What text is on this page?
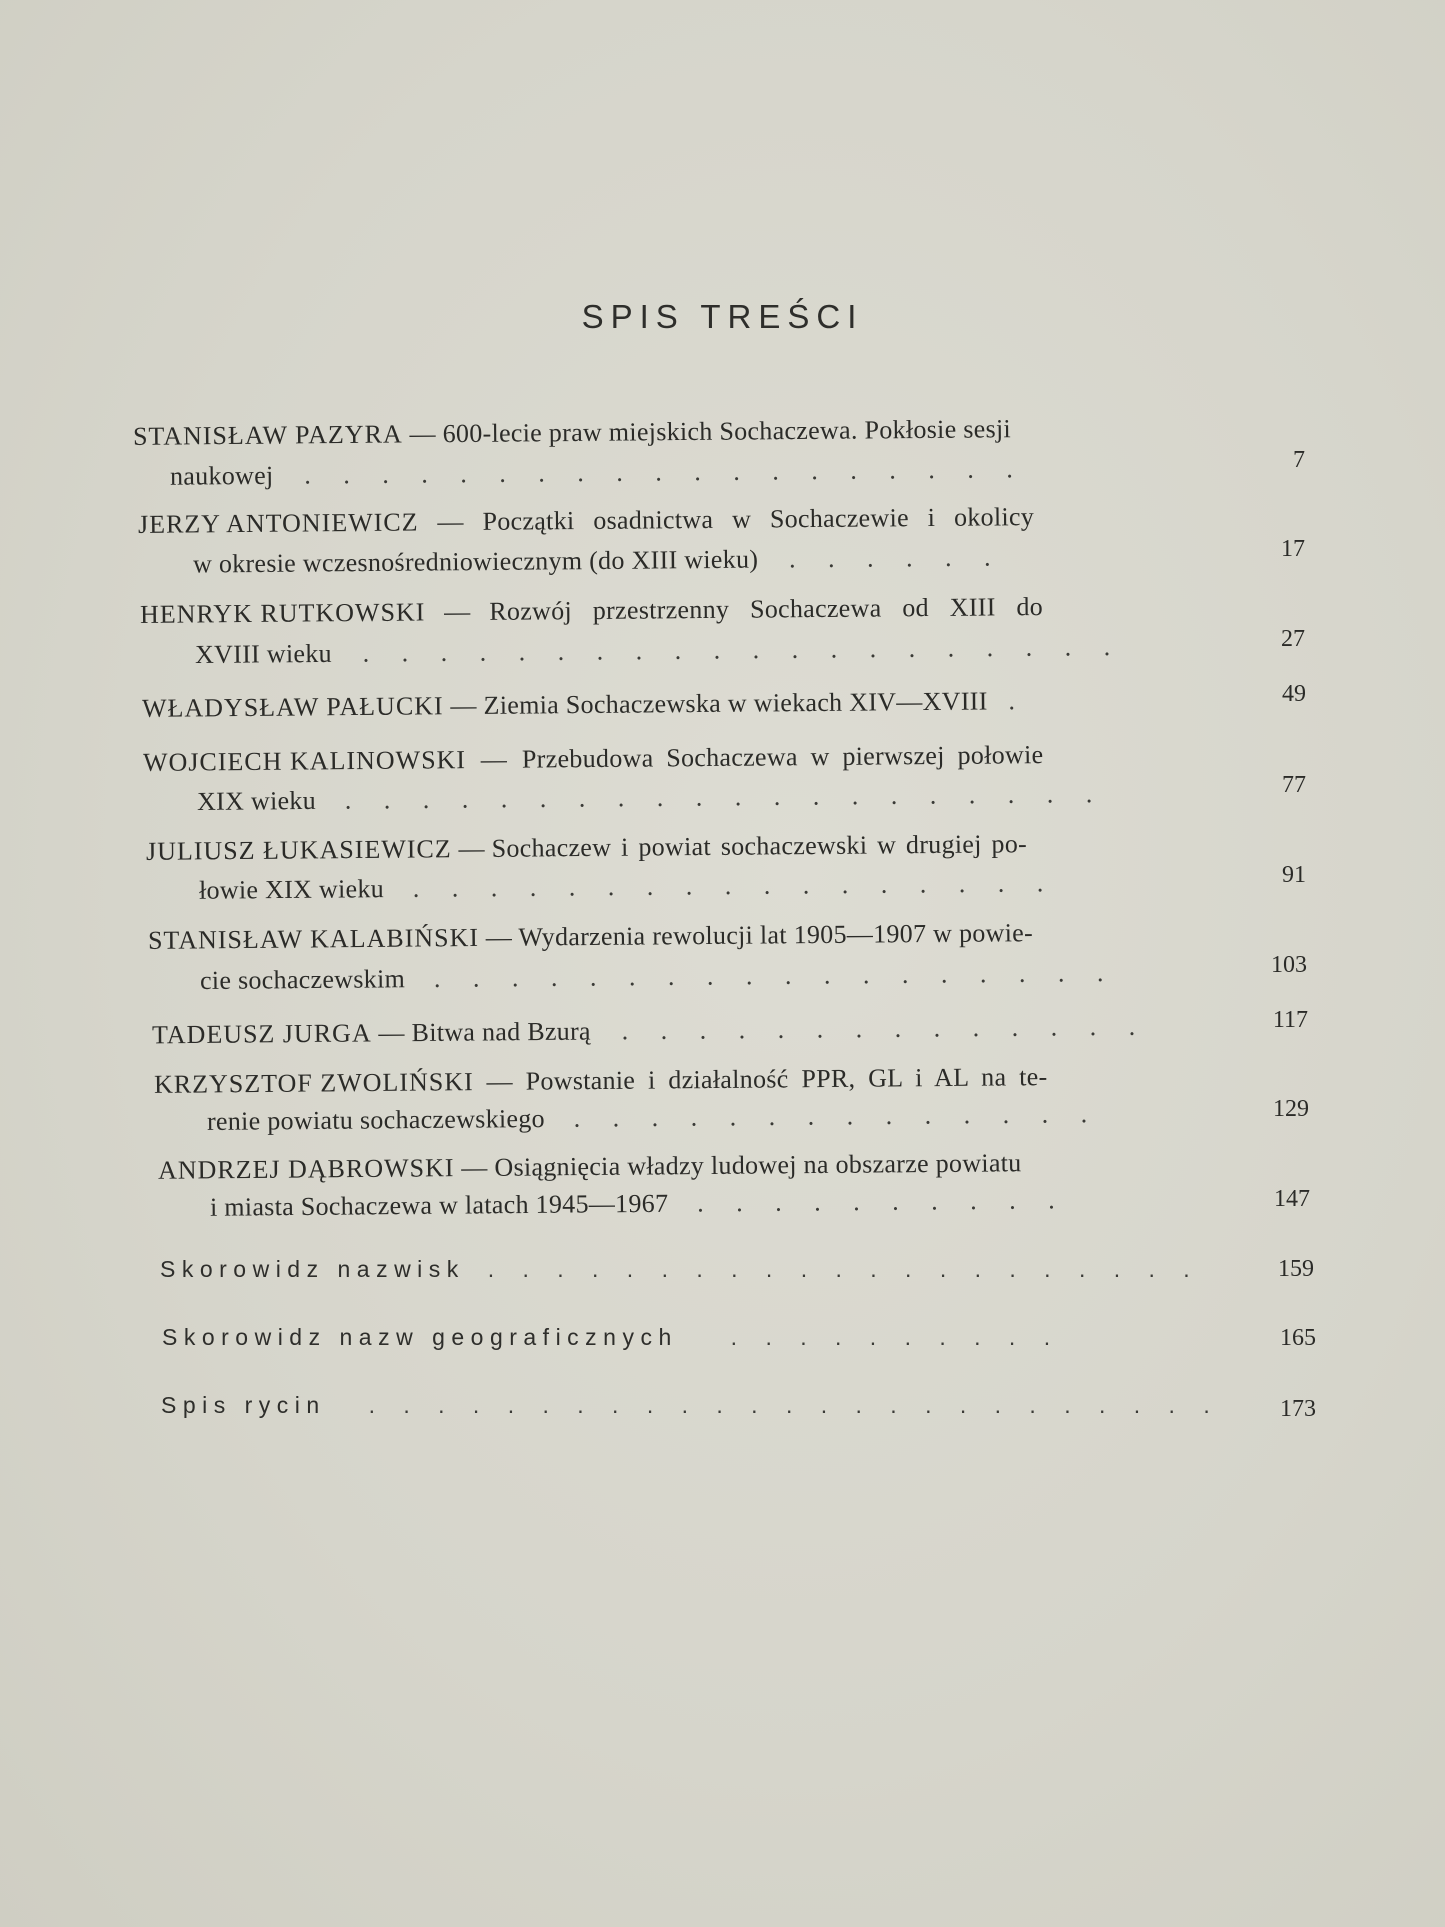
SPIS TREŚCI
STANISŁAW PAZYRA — 600-lecie praw miejskich Sochaczewa. Pokłosie sesji
naukowej . . . . . . . . . . . . . . . . . . .	7
JERZY ANTONIEWICZ — Początki osadnictwa w Sochaczewie i okolicy
w okresie wczesnośredniowiecznym (do XIII wieku) . . . . . .	17
HENRYK RUTKOWSKI — Rozwój przestrzenny Sochaczewa od XIII do
XVIII wieku . . . . . . . . . . . . . . . . . . . .	27
WŁADYSŁAW PAŁUCKI — Ziemia Sochaczewska w wiekach XIV—XVIII .	49
WOJCIECH KALINOWSKI — Przebudowa Sochaczewa w pierwszej połowie
XIX wieku . . . . . . . . . . . . . . . . . . . .	77
JULIUSZ ŁUKASIEWICZ — Sochaczew i powiat sochaczewski w drugiej po-
łowie XIX wieku . . . . . . . . . . . . . . . . .	91
STANISŁAW KALABIŃSKI — Wydarzenia rewolucji lat 1905—1907 w powie-
cie sochaczewskim . . . . . . . . . . . . . . . . . .	103
TADEUSZ JURGA — Bitwa nad Bzurą . . . . . . . . . . . . . .	117
KRZYSZTOF ZWOLIŃSKI — Powstanie i działalność PPR, GL i AL na te-
renie powiatu sochaczewskiego . . . . . . . . . . . . . .	129
ANDRZEJ DĄBROWSKI — Osiągnięcia władzy ludowej na obszarze powiatu
i miasta Sochaczewa w latach 1945—1967 . . . . . . . . . .	147
Skorowidz nazwisk . . . . . . . . . . . . . . . . . . . . .	159
Skorowidz nazw geograficznych . . . . . . . . . .	165
Spis rycin . . . . . . . . . . . . . . . . . . . . . . . . .	173
